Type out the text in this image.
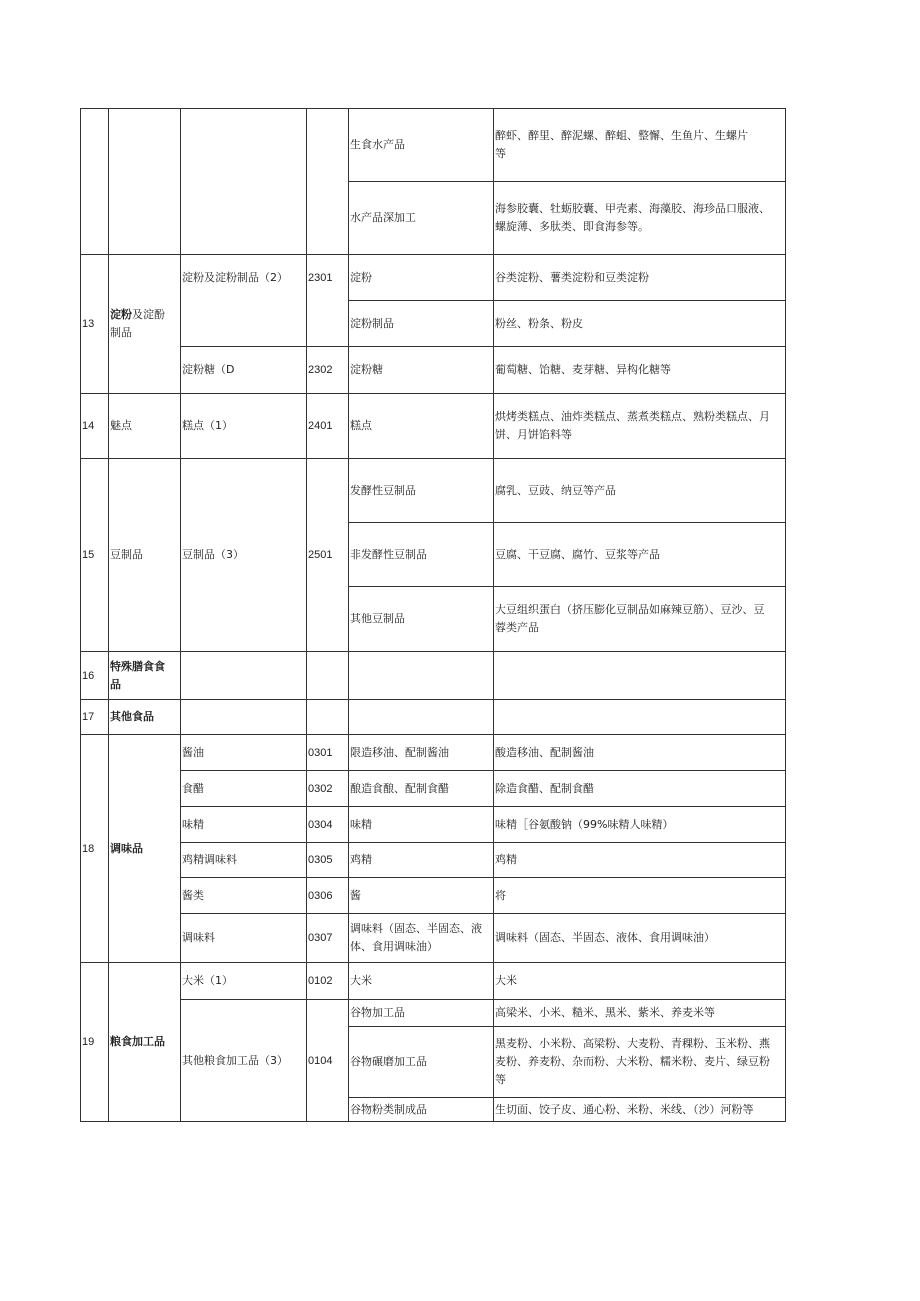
				生食水产品	醉虾、醉里、醉泥螺、醉蛆、整懈、生鱼片、生螺片
等
				水产品深加工	海参胶囊、牡蛎胶囊、甲壳素、海藻胶、海珍品口服液、
螺旋薄、多肽类、即食海参等。
13	淀粉及淀酚
制品	淀粉及淀粉制品（2）	2301	淀粉	谷类淀粉、薯类淀粉和豆类淀粉
				淀粉制品	粉丝、粉条、粉皮
		淀粉糖（D	2302	淀粉糖	葡萄糖、饴糖、麦芽糖、异构化糖等
14	魅点	糕点（1）	2401	糕点	烘烤类糕点、油炸类糕点、蒸煮类糕点、熟粉类糕点、月
饼、月饼馅料等
15	豆制品	豆制品（3）	2501	发酵性豆制品	腐乳、豆豉、纳豆等产品
				非发酵性豆制品	豆腐、干豆腐、腐竹、豆浆等产品
				其他豆制品	大豆组织蛋白（挤压膨化豆制品如麻辣豆筋）、豆沙、豆
蓉类产品
16	特殊膳食食
品				
17	其他食品				
18	调味品	酱油	0301	限造移油、配制酱油	酸造移油、配制酱油
		食醋	0302	酿造食酿、配制食醋	除造食醋、配制食醋
		味精	0304	味精	味精［谷氨酸钠（99%味精人味精）
		鸡精调味料	0305	鸡精	鸡精
		酱类	0306	酱	将
		调味料	0307	调味料（固态、半固态、液
体、食用调味油）	调味料（固态、半固态、液体、食用调味油）
19	粮食加工品	大米（1）	0102	大米	大米
		其他粮食加工品（3）	0104	谷物加工品	高梁米、小米、糙米、黑米、紫米、养麦米等
				谷物碾磨加工品	黑麦粉、小米粉、高梁粉、大麦粉、青稞粉、玉米粉、燕
麦粉、养麦粉、杂而粉、大米粉、糯米粉、麦片、绿豆粉
等
				谷物粉类制成品	生切面、饺子皮、通心粉、米粉、米线、（沙）河粉等
